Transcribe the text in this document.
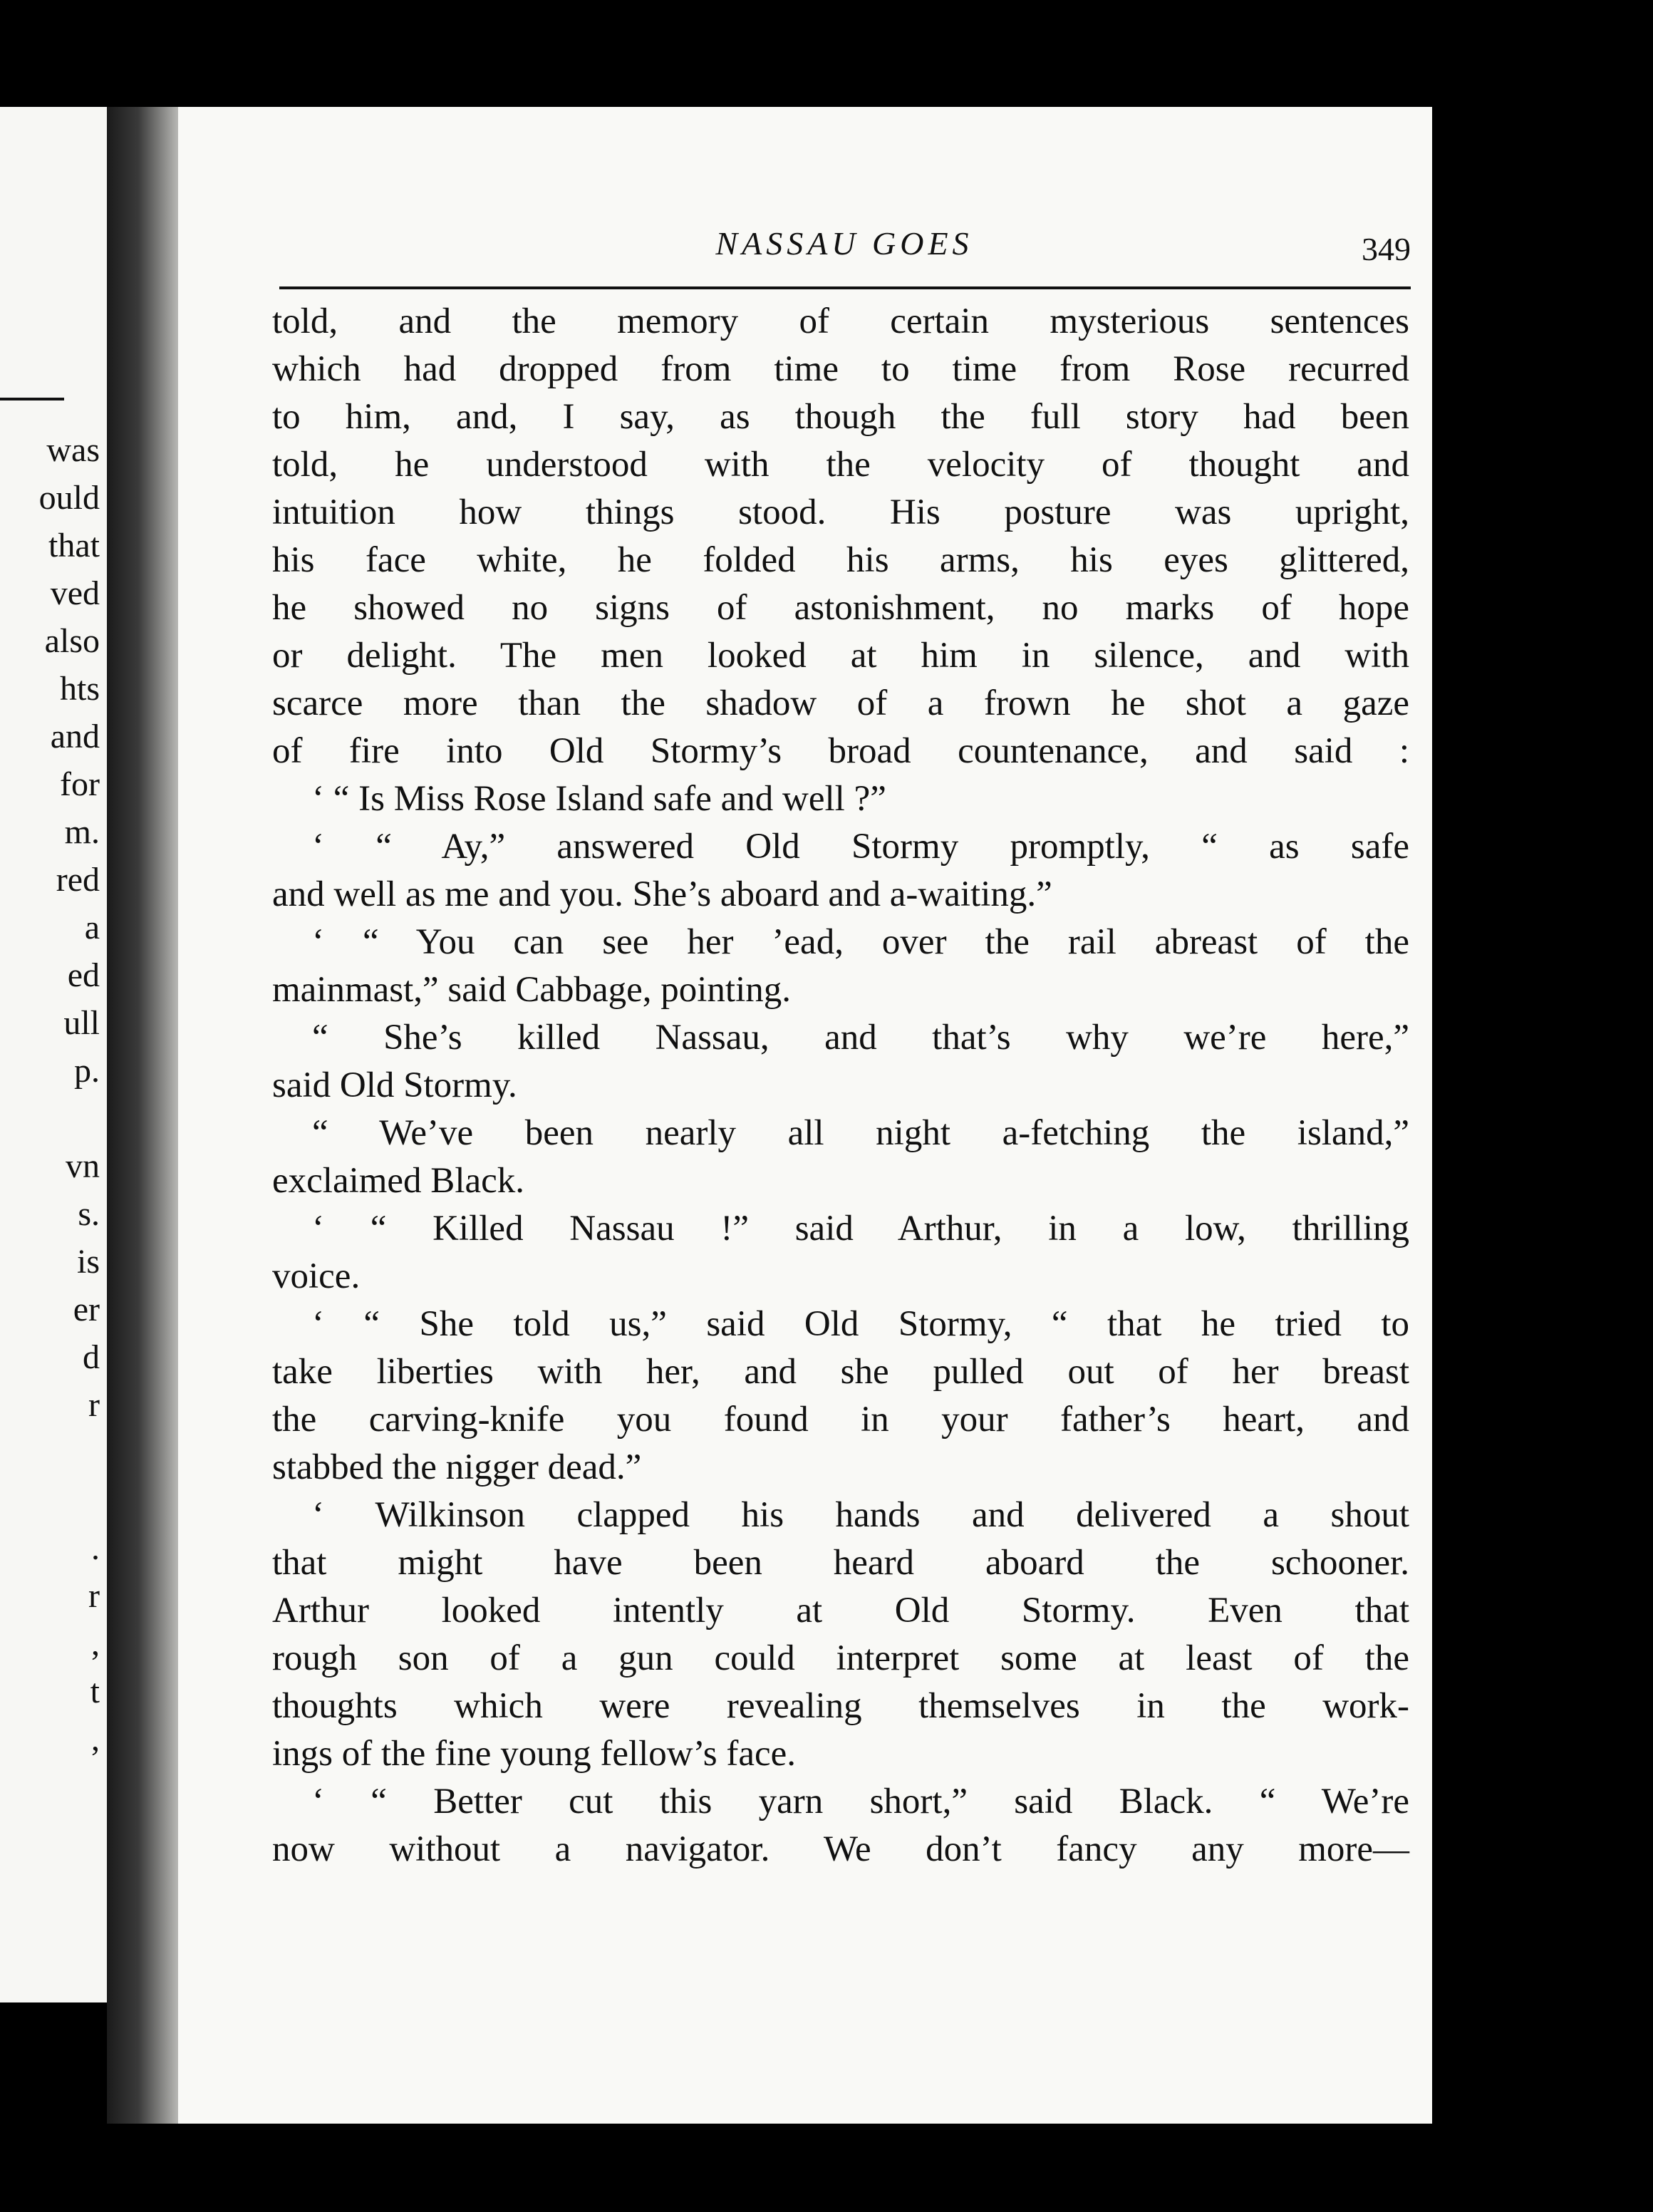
was
ould
that
ved
also
hts
and
for
m.
red
a
ed
ull
p.
vn
s.
is
er
d
r
.
r
,
t
,
NASSAU GOES	349
told, and the memory of certain mysterious sentences
which had dropped from time to time from Rose recurred
to him, and, I say, as though the full story had been
told, he understood with the velocity of thought and
intuition how things stood. His posture was upright,
his face white, he folded his arms, his eyes glittered,
he showed no signs of astonishment, no marks of hope
or delight. The men looked at him in silence, and with
scarce more than the shadow of a frown he shot a gaze
of fire into Old Stormy’s broad countenance, and said :
‘ “ Is Miss Rose Island safe and well ?”
‘ “ Ay,” answered Old Stormy promptly, “ as safe
and well as me and you. She’s aboard and a-waiting.”
‘ “ You can see her ’ead, over the rail abreast of the
mainmast,” said Cabbage, pointing.
“ She’s killed Nassau, and that’s why we’re here,”
said Old Stormy.
“ We’ve been nearly all night a-fetching the island,”
exclaimed Black.
‘ “ Killed Nassau !” said Arthur, in a low, thrilling
voice.
‘ “ She told us,” said Old Stormy, “ that he tried to
take liberties with her, and she pulled out of her breast
the carving-knife you found in your father’s heart, and
stabbed the nigger dead.”
‘ Wilkinson clapped his hands and delivered a shout
that might have been heard aboard the schooner.
Arthur looked intently at Old Stormy. Even that
rough son of a gun could interpret some at least of the
thoughts which were revealing themselves in the work-
ings of the fine young fellow’s face.
‘ “ Better cut this yarn short,” said Black. “ We’re
now without a navigator. We don’t fancy any more—
